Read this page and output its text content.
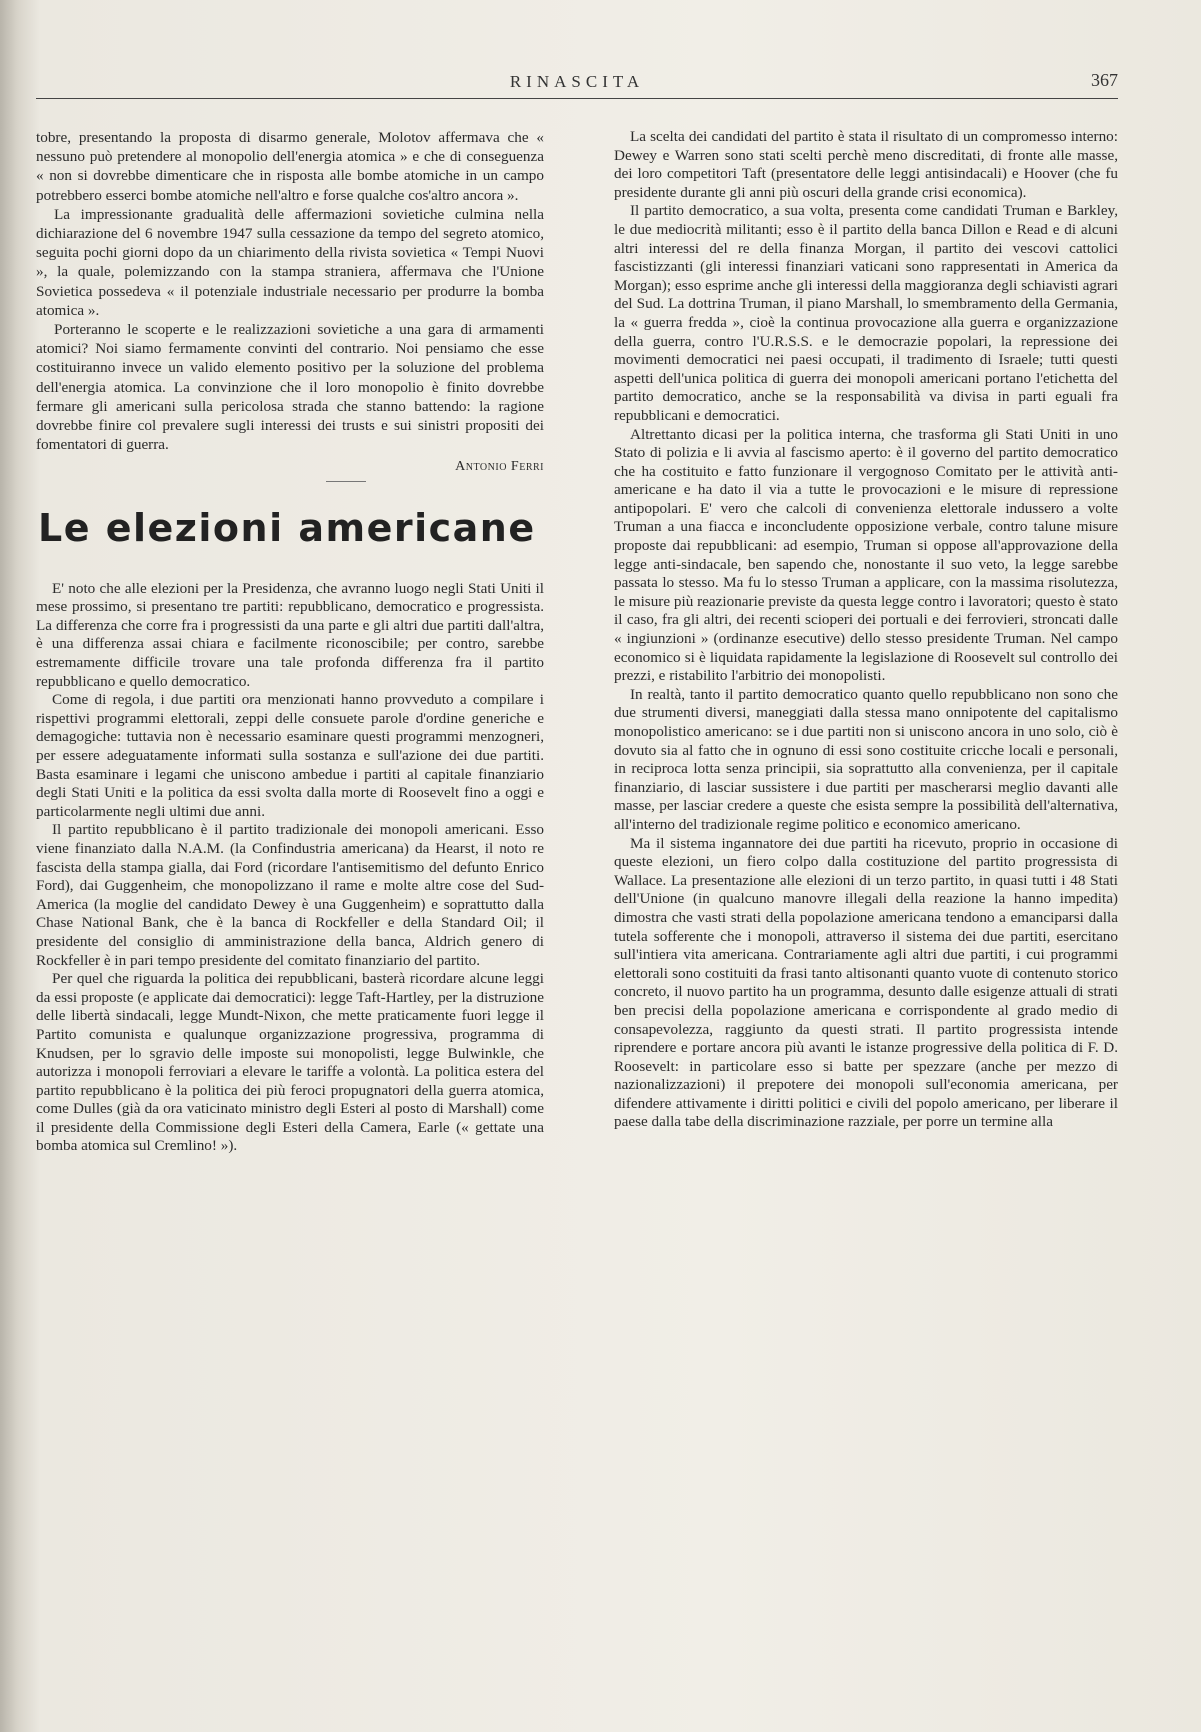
RINASCITA	367

tobre, presentando la proposta di disarmo generale, Molotov affermava che « nessuno può pretendere al monopolio dell'energia atomica » e che di conseguenza « non si dovrebbe dimenticare che in risposta alle bombe atomiche in un campo potrebbero esserci bombe atomiche nell'altro e forse qualche cos'altro ancora ».

La impressionante gradualità delle affermazioni sovietiche culmina nella dichiarazione del 6 novembre 1947 sulla cessazione da tempo del segreto atomico, seguita pochi giorni dopo da un chiarimento della rivista sovietica « Tempi Nuovi », la quale, polemizzando con la stampa straniera, affermava che l'Unione Sovietica possedeva « il potenziale industriale necessario per produrre la bomba atomica ».

Porteranno le scoperte e le realizzazioni sovietiche a una gara di armamenti atomici? Noi siamo fermamente convinti del contrario. Noi pensiamo che esse costituiranno invece un valido elemento positivo per la soluzione del problema dell'energia atomica. La convinzione che il loro monopolio è finito dovrebbe fermare gli americani sulla pericolosa strada che stanno battendo: la ragione dovrebbe finire col prevalere sugli interessi dei trusts e sui sinistri propositi dei fomentatori di guerra.

Antonio Ferri
Le elezioni americane

E' noto che alle elezioni per la Presidenza, che avranno luogo negli Stati Uniti il mese prossimo, si presentano tre partiti: repubblicano, democratico e progressista. La differenza che corre fra i progressisti da una parte e gli altri due partiti dall'altra, è una differenza assai chiara e facilmente riconoscibile; per contro, sarebbe estremamente difficile trovare una tale profonda differenza fra il partito repubblicano e quello democratico.

Come di regola, i due partiti ora menzionati hanno provveduto a compilare i rispettivi programmi elettorali, zeppi delle consuete parole d'ordine generiche e demagogiche: tuttavia non è necessario esaminare questi programmi menzogneri, per essere adeguatamente informati sulla sostanza e sull'azione dei due partiti. Basta esaminare i legami che uniscono ambedue i partiti al capitale finanziario degli Stati Uniti e la politica da essi svolta dalla morte di Roosevelt fino a oggi e particolarmente negli ultimi due anni.

Il partito repubblicano è il partito tradizionale dei monopoli americani. Esso viene finanziato dalla N.A.M. (la Confindustria americana) da Hearst, il noto re fascista della stampa gialla, dai Ford (ricordare l'antisemitismo del defunto Enrico Ford), dai Guggenheim, che monopolizzano il rame e molte altre cose del Sud-America (la moglie del candidato Dewey è una Guggenheim) e soprattutto dalla Chase National Bank, che è la banca di Rockfeller e della Standard Oil; il presidente del consiglio di amministrazione della banca, Aldrich genero di Rockfeller è in pari tempo presidente del comitato finanziario del partito.

Per quel che riguarda la politica dei repubblicani, basterà ricordare alcune leggi da essi proposte (e applicate dai democratici): legge Taft-Hartley, per la distruzione delle libertà sindacali, legge Mundt-Nixon, che mette praticamente fuori legge il Partito comunista e qualunque organizzazione progressiva, programma di Knudsen, per lo sgravio delle imposte sui monopolisti, legge Bulwinkle, che autorizza i monopoli ferroviari a elevare le tariffe a volontà. La politica estera del partito repubblicano è la politica dei più feroci propugnatori della guerra atomica, come Dulles (già da ora vaticinato ministro degli Esteri al posto di Marshall) come il presidente della Commissione degli Esteri della Camera, Earle (« gettate una bomba atomica sul Cremlino! »).

La scelta dei candidati del partito è stata il risultato di un compromesso interno: Dewey e Warren sono stati scelti perchè meno discreditati, di fronte alle masse, dei loro competitori Taft (presentatore delle leggi antisindacali) e Hoover (che fu presidente durante gli anni più oscuri della grande crisi economica).

Il partito democratico, a sua volta, presenta come candidati Truman e Barkley, le due mediocrità militanti; esso è il partito della banca Dillon e Read e di alcuni altri interessi del re della finanza Morgan, il partito dei vescovi cattolici fascistizzanti (gli interessi finanziari vaticani sono rappresentati in America da Morgan); esso esprime anche gli interessi della maggioranza degli schiavisti agrari del Sud. La dottrina Truman, il piano Marshall, lo smembramento della Germania, la « guerra fredda », cioè la continua provocazione alla guerra e organizzazione della guerra, contro l'U.R.S.S. e le democrazie popolari, la repressione dei movimenti democratici nei paesi occupati, il tradimento di Israele; tutti questi aspetti dell'unica politica di guerra dei monopoli americani portano l'etichetta del partito democratico, anche se la responsabilità va divisa in parti eguali fra repubblicani e democratici.

Altrettanto dicasi per la politica interna, che trasforma gli Stati Uniti in uno Stato di polizia e li avvia al fascismo aperto: è il governo del partito democratico che ha costituito e fatto funzionare il vergognoso Comitato per le attività anti-americane e ha dato il via a tutte le provocazioni e le misure di repressione antipopolari. E' vero che calcoli di convenienza elettorale indussero a volte Truman a una fiacca e inconcludente opposizione verbale, contro talune misure proposte dai repubblicani: ad esempio, Truman si oppose all'approvazione della legge anti-sindacale, ben sapendo che, nonostante il suo veto, la legge sarebbe passata lo stesso. Ma fu lo stesso Truman a applicare, con la massima risolutezza, le misure più reazionarie previste da questa legge contro i lavoratori; questo è stato il caso, fra gli altri, dei recenti scioperi dei portuali e dei ferrovieri, stroncati dalle « ingiunzioni » (ordinanze esecutive) dello stesso presidente Truman. Nel campo economico si è liquidata rapidamente la legislazione di Roosevelt sul controllo dei prezzi, e ristabilito l'arbitrio dei monopolisti.

In realtà, tanto il partito democratico quanto quello repubblicano non sono che due strumenti diversi, maneggiati dalla stessa mano onnipotente del capitalismo monopolistico americano: se i due partiti non si uniscono ancora in uno solo, ciò è dovuto sia al fatto che in ognuno di essi sono costituite cricche locali e personali, in reciproca lotta senza principii, sia soprattutto alla convenienza, per il capitale finanziario, di lasciar sussistere i due partiti per mascherarsi meglio davanti alle masse, per lasciar credere a queste che esista sempre la possibilità dell'alternativa, all'interno del tradizionale regime politico e economico americano.

Ma il sistema ingannatore dei due partiti ha ricevuto, proprio in occasione di queste elezioni, un fiero colpo dalla costituzione del partito progressista di Wallace. La presentazione alle elezioni di un terzo partito, in quasi tutti i 48 Stati dell'Unione (in qualcuno manovre illegali della reazione la hanno impedita) dimostra che vasti strati della popolazione americana tendono a emanciparsi dalla tutela sofferente che i monopoli, attraverso il sistema dei due partiti, esercitano sull'intiera vita americana. Contrariamente agli altri due partiti, i cui programmi elettorali sono costituiti da frasi tanto altisonanti quanto vuote di contenuto storico concreto, il nuovo partito ha un programma, desunto dalle esigenze attuali di strati ben precisi della popolazione americana e corrispondente al grado medio di consapevolezza, raggiunto da questi strati. Il partito progressista intende riprendere e portare ancora più avanti le istanze progressive della politica di F. D. Roosevelt: in particolare esso si batte per spezzare (anche per mezzo di nazionalizzazioni) il prepotere dei monopoli sull'economia americana, per difendere attivamente i diritti politici e civili del popolo americano, per liberare il paese dalla tabe della discriminazione razziale, per porre un termine alla
